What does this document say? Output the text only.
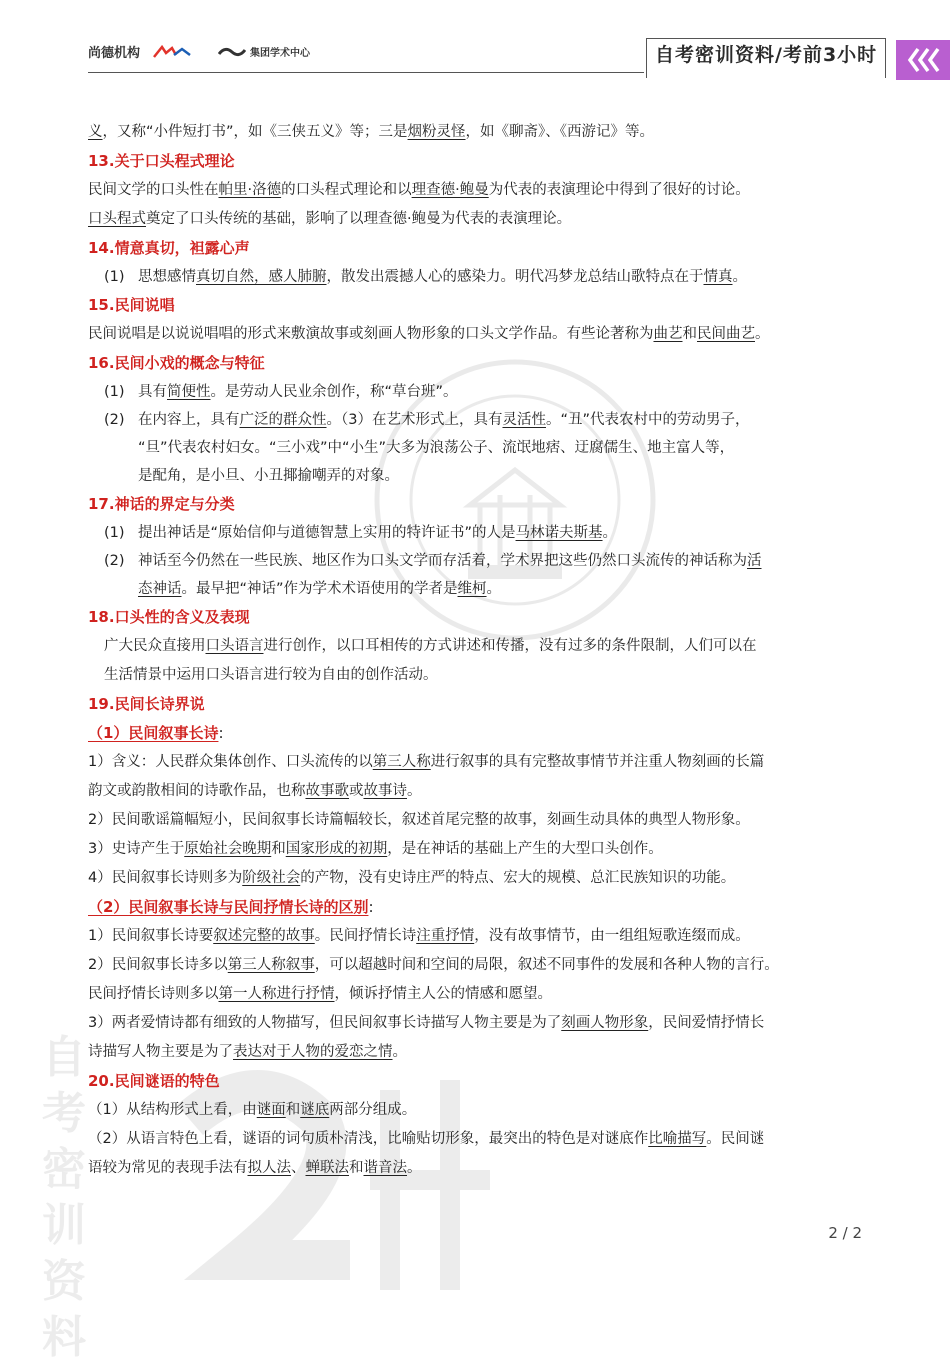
尚德机构	集团学术中心	自考密训资料/考前3小时
自考密训资料
义，又称“小件短打书”，如《三侠五义》等；三是烟粉灵怪，如《聊斋》、《西游记》等。
13.关于口头程式理论
民间文学的口头性在帕里·洛德的口头程式理论和以理查德·鲍曼为代表的表演理论中得到了很好的讨论。
口头程式奠定了口头传统的基础，影响了以理查德·鲍曼为代表的表演理论。
14.情意真切，袒露心声
(1) 思想感情真切自然，感人肺腑，散发出震撼人心的感染力。明代冯梦龙总结山歌特点在于情真。
15.民间说唱
民间说唱是以说说唱唱的形式来敷演故事或刻画人物形象的口头文学作品。有些论著称为曲艺和民间曲艺。
16.民间小戏的概念与特征
(1) 具有简便性。是劳动人民业余创作，称“草台班”。
(2) 在内容上，具有广泛的群众性。（3）在艺术形式上，具有灵活性。“丑”代表农村中的劳动男子，
“旦”代表农村妇女。“三小戏”中“小生”大多为浪荡公子、流氓地痞、迂腐儒生、地主富人等，
是配角，是小旦、小丑揶揄嘲弄的对象。
17.神话的界定与分类
(1) 提出神话是“原始信仰与道德智慧上实用的特许证书”的人是马林诺夫斯基。
(2) 神话至今仍然在一些民族、地区作为口头文学而存活着，学术界把这些仍然口头流传的神话称为活
态神话。最早把“神话”作为学术术语使用的学者是维柯。
18.口头性的含义及表现
广大民众直接用口头语言进行创作，以口耳相传的方式讲述和传播，没有过多的条件限制，人们可以在
生活情景中运用口头语言进行较为自由的创作活动。
19.民间长诗界说
（1）民间叙事长诗:
1）含义：人民群众集体创作、口头流传的以第三人称进行叙事的具有完整故事情节并注重人物刻画的长篇
韵文或韵散相间的诗歌作品，也称故事歌或故事诗。
2）民间歌谣篇幅短小，民间叙事长诗篇幅较长，叙述首尾完整的故事，刻画生动具体的典型人物形象。
3）史诗产生于原始社会晚期和国家形成的初期，是在神话的基础上产生的大型口头创作。
4）民间叙事长诗则多为阶级社会的产物，没有史诗庄严的特点、宏大的规模、总汇民族知识的功能。
（2）民间叙事长诗与民间抒情长诗的区别:
1）民间叙事长诗要叙述完整的故事。民间抒情长诗注重抒情，没有故事情节，由一组组短歌连缀而成。
2）民间叙事长诗多以第三人称叙事，可以超越时间和空间的局限，叙述不同事件的发展和各种人物的言行。
民间抒情长诗则多以第一人称进行抒情，倾诉抒情主人公的情感和愿望。
3）两者爱情诗都有细致的人物描写，但民间叙事长诗描写人物主要是为了刻画人物形象，民间爱情抒情长
诗描写人物主要是为了表达对于人物的爱恋之情。
20.民间谜语的特色
（1）从结构形式上看，由谜面和谜底两部分组成。
（2）从语言特色上看，谜语的词句质朴清浅，比喻贴切形象，最突出的特色是对谜底作比喻描写。民间谜
语较为常见的表现手法有拟人法、蝉联法和谐音法。
2 / 2
